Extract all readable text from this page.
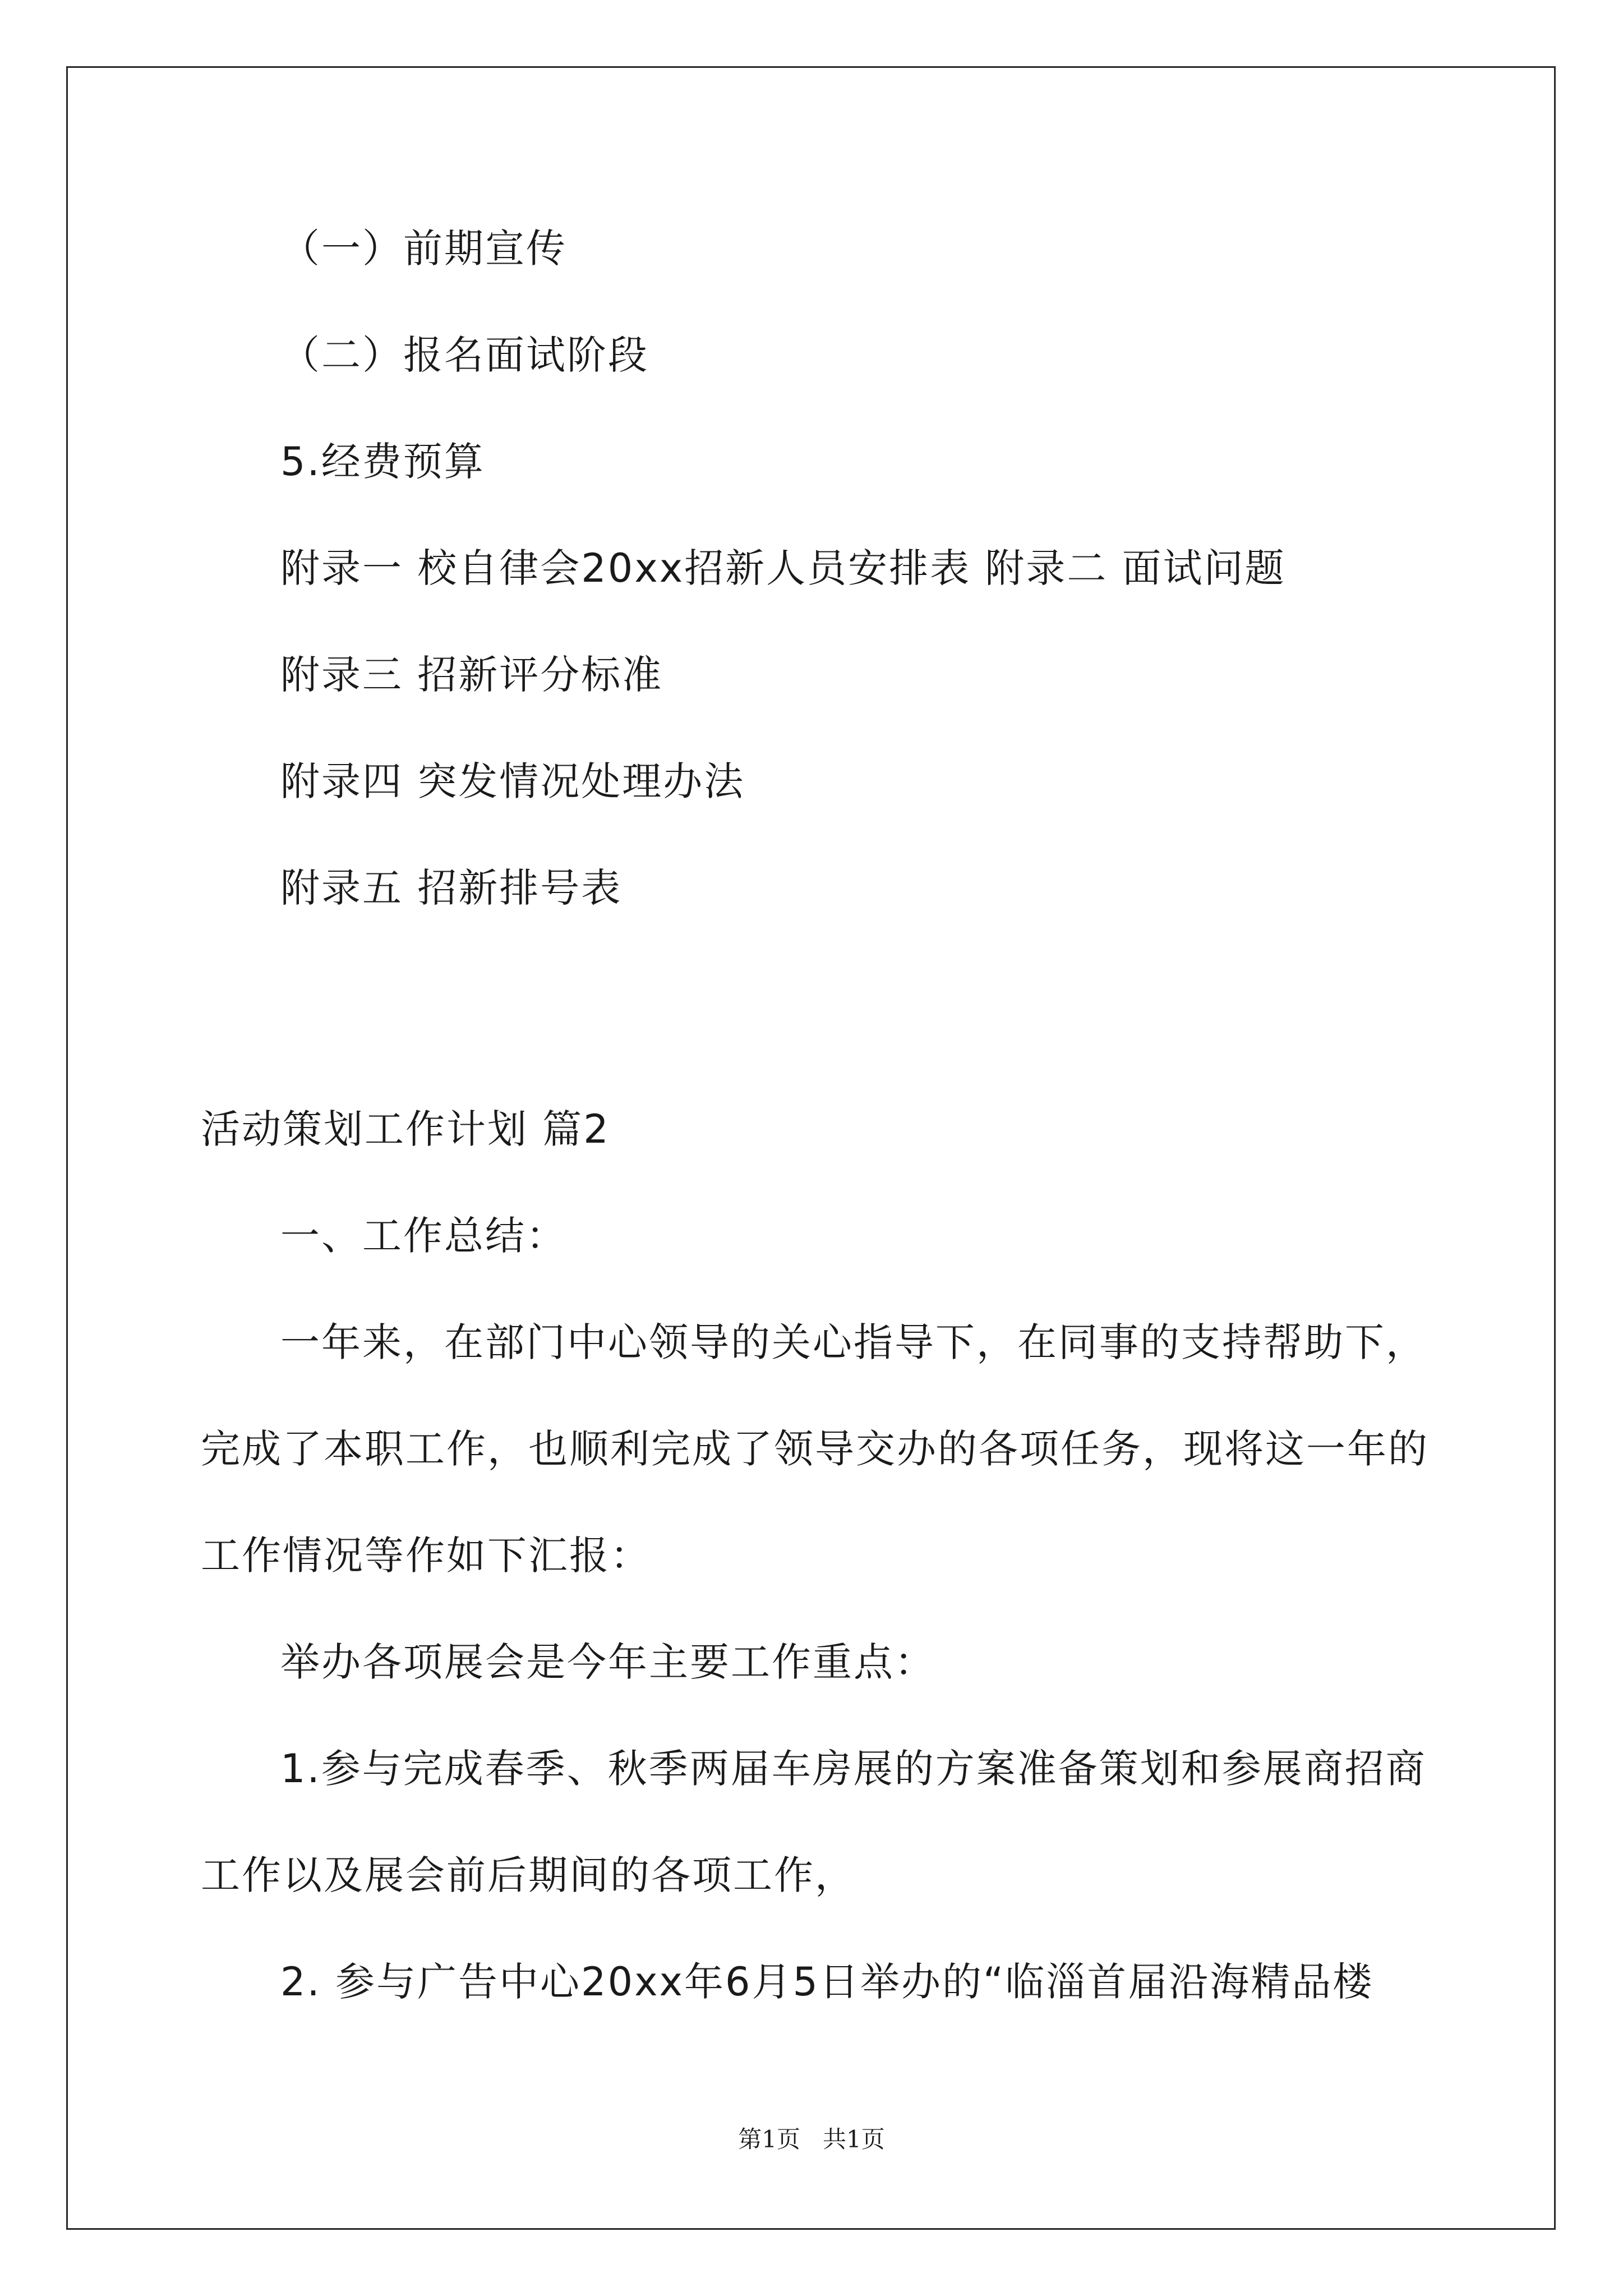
（一）前期宣传
（二）报名面试阶段
5.经费预算
附录一 校自律会20xx招新人员安排表 附录二 面试问题
附录三 招新评分标准
附录四 突发情况处理办法
附录五 招新排号表
活动策划工作计划 篇2
一、工作总结：
一年来，在部门中心领导的关心指导下，在同事的支持帮助下，
完成了本职工作，也顺利完成了领导交办的各项任务，现将这一年的
工作情况等作如下汇报：
举办各项展会是今年主要工作重点：
1.参与完成春季、秋季两届车房展的方案准备策划和参展商招商
工作以及展会前后期间的各项工作，
2. 参与广告中心20xx年6月5日举办的“临淄首届沿海精品楼
第1页   共1页
